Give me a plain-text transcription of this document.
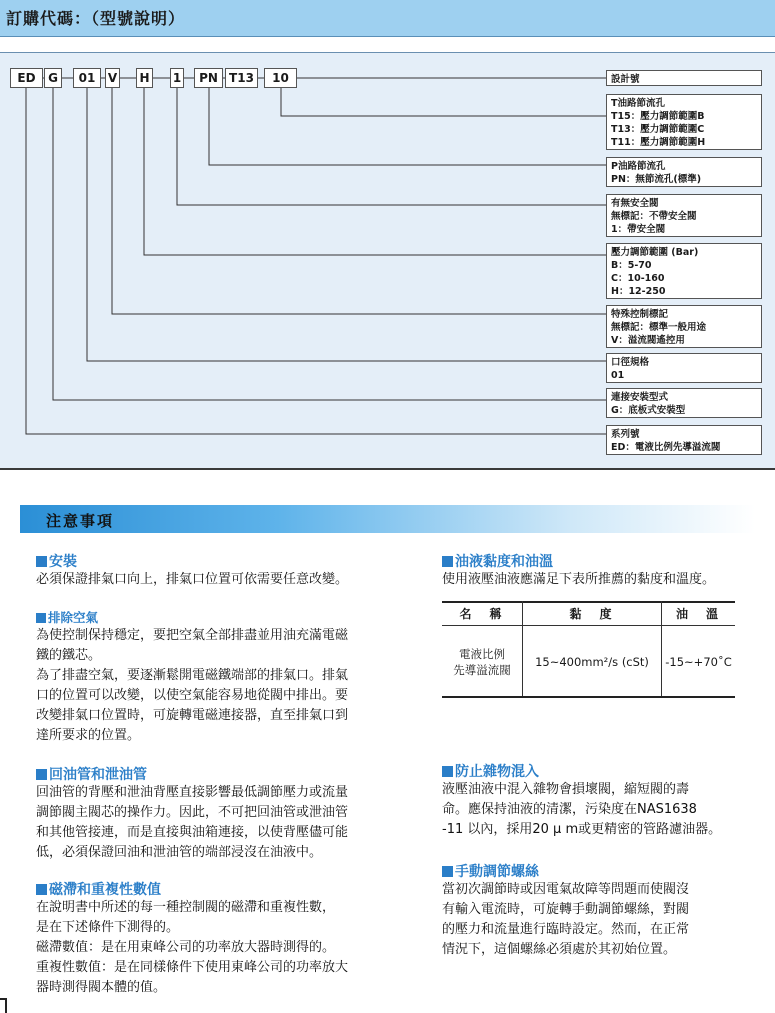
訂購代碼：（型號說明）
ED	G	01	V H 1	PN T13	10	設計號
T油路節流孔
T15：壓力調節範圍B
T13：壓力調節範圍C
T11：壓力調節範圍H
P油路節流孔
PN：無節流孔(標準)
有無安全閥
無標記：不帶安全閥
1：帶安全閥
壓力調節範圍 (Bar)
B：5-70
C：10-160
H：12-250
特殊控制標記
無標記：標準一般用途
V：溢流閥遙控用
口徑規格
01
連接安裝型式
G：底板式安裝型
系列號
ED：電液比例先導溢流閥
注意事項
安裝
必須保證排氣口向上，排氣口位置可依需要任意改變。
排除空氣
為使控制保持穩定，要把空氣全部排盡並用油充滿電磁
鐵的鐵芯。
為了排盡空氣，要逐漸鬆開電磁鐵端部的排氣口。排氣
口的位置可以改變，以使空氣能容易地從閥中排出。要
改變排氣口位置時，可旋轉電磁連接器，直至排氣口到
達所要求的位置。
回油管和泄油管
回油管的背壓和泄油背壓直接影響最低調節壓力或流量
調節閥主閥芯的操作力。因此，不可把回油管或泄油管
和其他管接連，而是直接與油箱連接，以使背壓儘可能
低，必須保證回油和泄油管的端部浸沒在油液中。
磁滯和重複性數值
在說明書中所述的每一種控制閥的磁滯和重複性數，
是在下述條件下測得的。
磁滯數值：是在用東峰公司的功率放大器時測得的。
重複性數值：是在同樣條件下使用東峰公司的功率放大
器時測得閥本體的值。
油液黏度和油溫
使用液壓油液應滿足下表所推薦的黏度和溫度。
名　稱	黏　度	油　溫

電液比例
先導溢流閥	15~400mm²/s (cSt)	-15~+70˚C
防止雜物混入
液壓油液中混入雜物會損壞閥，縮短閥的壽
命。應保持油液的清潔，污染度在NAS1638
-11 以內，採用20 μ m或更精密的管路濾油器。
手動調節螺絲
當初次調節時或因電氣故障等問題而使閥沒
有輸入電流時，可旋轉手動調節螺絲，對閥
的壓力和流量進行臨時設定。然而，在正常
情況下，這個螺絲必須處於其初始位置。
